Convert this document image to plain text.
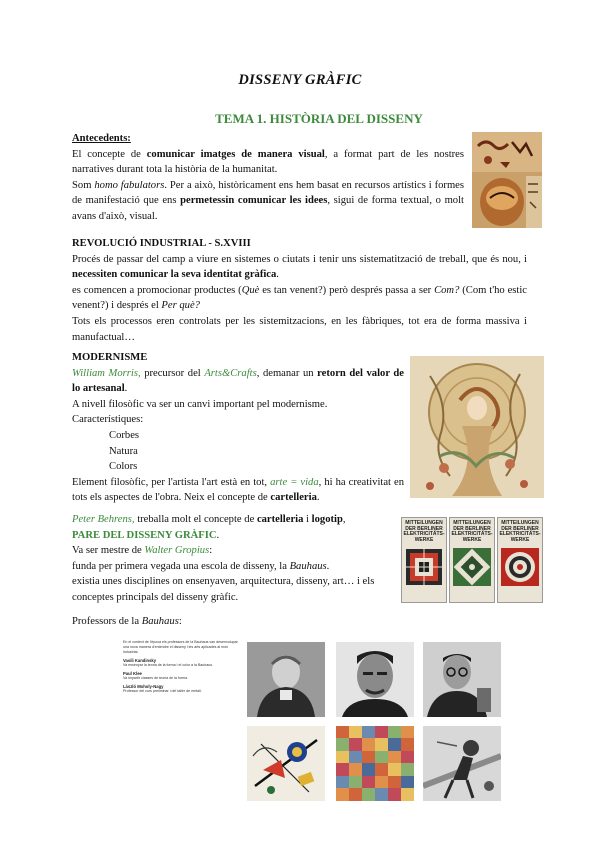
DISSENY GRÀFIC
TEMA 1. HISTÒRIA DEL DISSENY
Antecedents:
El concepte de comunicar imatges de manera visual, a format part de les nostres narratives durant tota la història de la humanitat.
Som homo fabulators. Per a això, històricament ens hem basat en recursos artístics i formes de manifestació que ens permetessin comunicar les idees, sigui de forma textual, o molt avans d'això, visual.
REVOLUCIÓ INDUSTRIAL - S.XVIII
Procés de passar del camp a viure en sistemes o ciutats i tenir uns sistematització de treball, que és nou, i necessiten comunicar la seva identitat gràfica.
es comencen a promocionar productes (Què es tan venent?) però després passa a ser Com? (Com t'ho estic venent?) i després el Per què?
Tots els processos eren controlats per les sistemitzacions, en les fàbriques, tot era de forma massiva i manufactual…
MODERNISME
William Morris, precursor del Arts&Crafts, demanar un retorn del valor de lo artesanal.
A nivell filosòfic va ser un canvi important pel modernisme.
Característiques:
Corbes
Natura
Colors
Element filosòfic, per l'artista l'art està en tot, arte = vida, hi ha creativitat en tots els aspectes de l'obra. Neix el concepte de cartelleria.
Peter Behrens, treballa molt el concepte de cartelleria i logotip,
PARE DEL DISSENY GRÀFIC.
Va ser mestre de Walter Gropius:
funda per primera vegada una escola de disseny, la Bauhaus.
existia unes disciplines on ensenyaven, arquitectura, disseny, art… i els conceptes principals del disseny gràfic.
MITTEILUNGEN
DER BERLINER
ELEKTRICITÄTS-
WERKE
MITTEILUNGEN
DER BERLINER
ELEKTRICITÄTS-
WERKE
MITTEILUNGEN
DER BERLINER
ELEKTRICITÄTS-
WERKE
Professors de la Bauhaus:
En el context de l'època els professors de la Bauhaus van desenvolupar una nova manera d'entendre el disseny i les arts aplicades al món industrial.
Vasili Kandinsky
Va ensenyar la teoria de la forma i el color a la Bauhaus.
Paul Klee
Va impartir classes de teoria de la forma.
László Moholy-Nagy
Professor del curs preliminar i del taller de metall.
